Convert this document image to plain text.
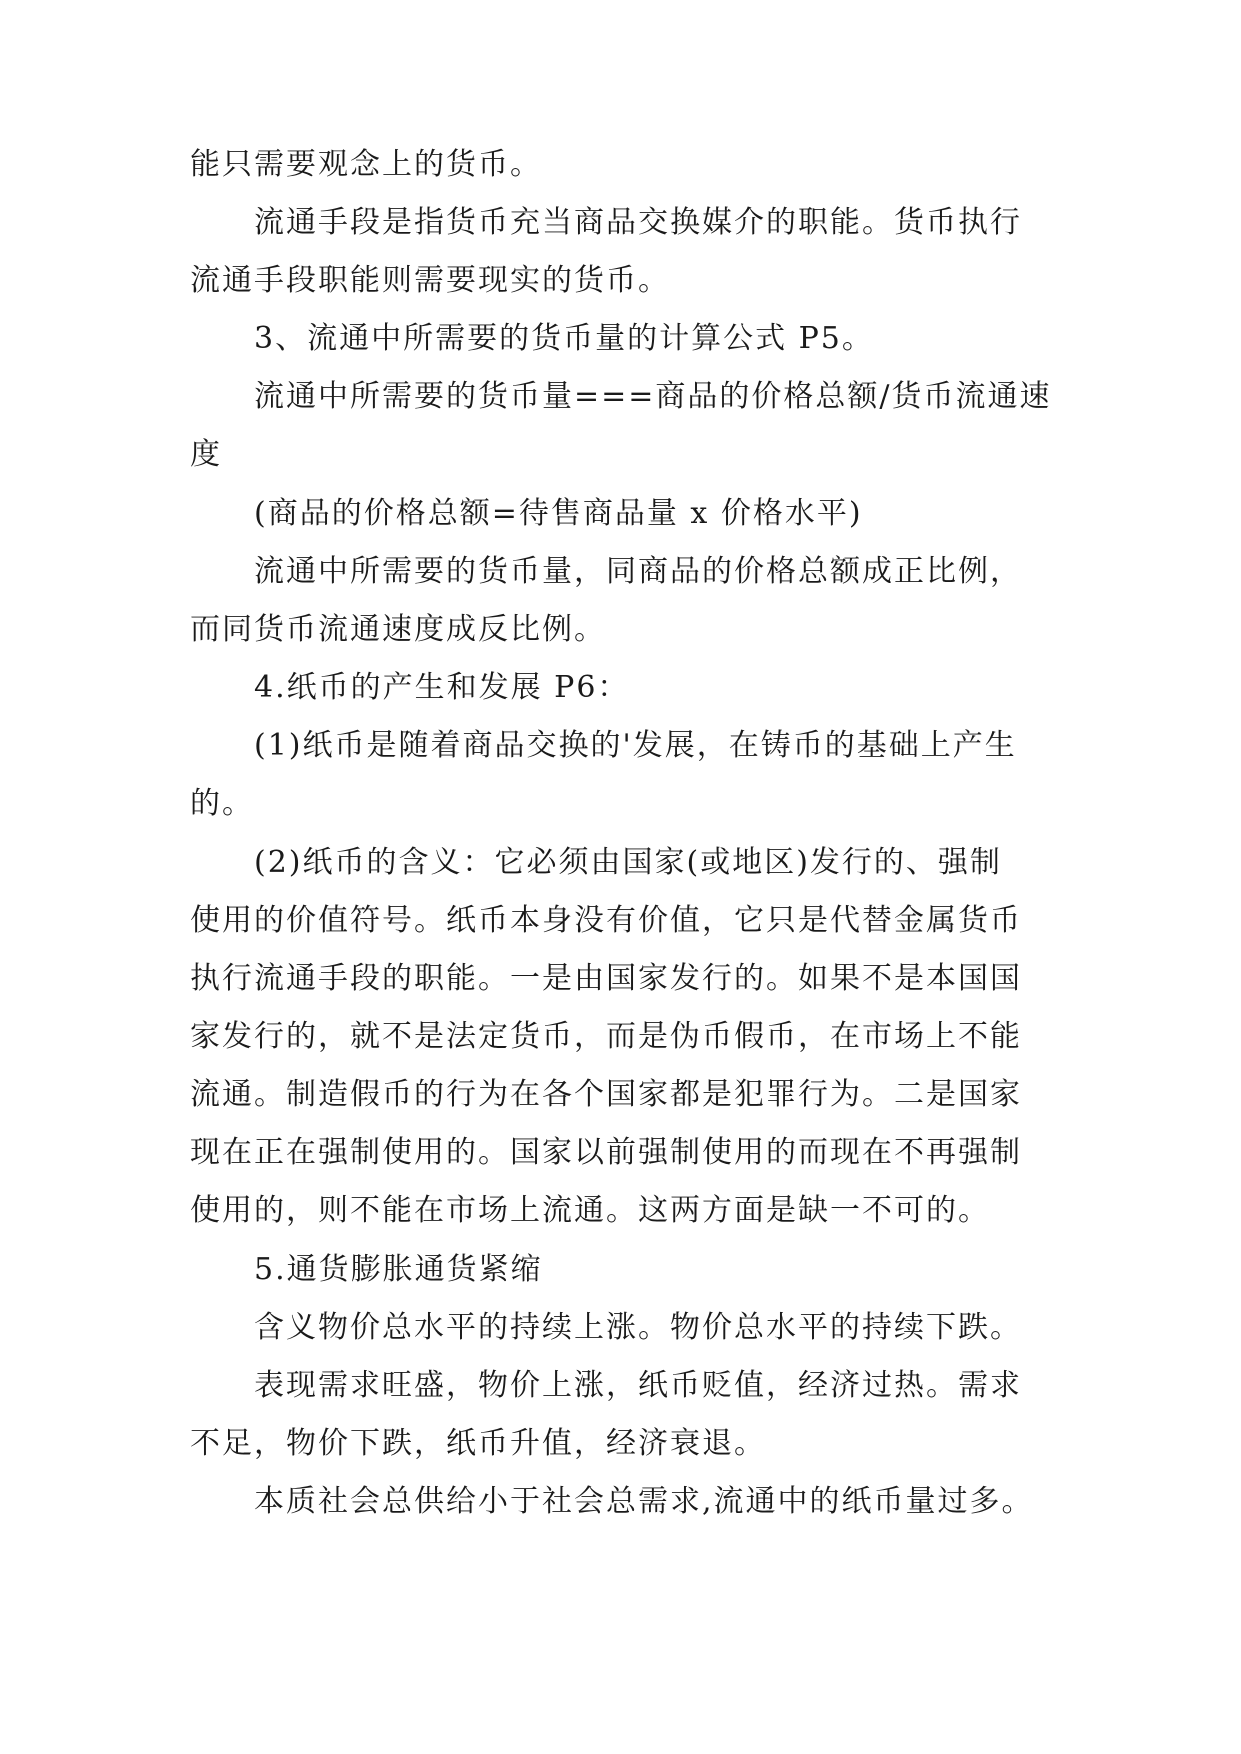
能只需要观念上的货币。
流通手段是指货币充当商品交换媒介的职能。货币执行
流通手段职能则需要现实的货币。
3、流通中所需要的货币量的计算公式 P5。
流通中所需要的货币量===商品的价格总额/货币流通速
度
(商品的价格总额=待售商品量 x 价格水平)
流通中所需要的货币量，同商品的价格总额成正比例，
而同货币流通速度成反比例。
4.纸币的产生和发展 P6：
(1)纸币是随着商品交换的'发展，在铸币的基础上产生
的。
(2)纸币的含义：它必须由国家(或地区)发行的、强制
使用的价值符号。纸币本身没有价值，它只是代替金属货币
执行流通手段的职能。一是由国家发行的。如果不是本国国
家发行的，就不是法定货币，而是伪币假币，在市场上不能
流通。制造假币的行为在各个国家都是犯罪行为。二是国家
现在正在强制使用的。国家以前强制使用的而现在不再强制
使用的，则不能在市场上流通。这两方面是缺一不可的。
5.通货膨胀通货紧缩
含义物价总水平的持续上涨。物价总水平的持续下跌。
表现需求旺盛，物价上涨，纸币贬值，经济过热。需求
不足，物价下跌，纸币升值，经济衰退。
本质社会总供给小于社会总需求,流通中的纸币量过多。
